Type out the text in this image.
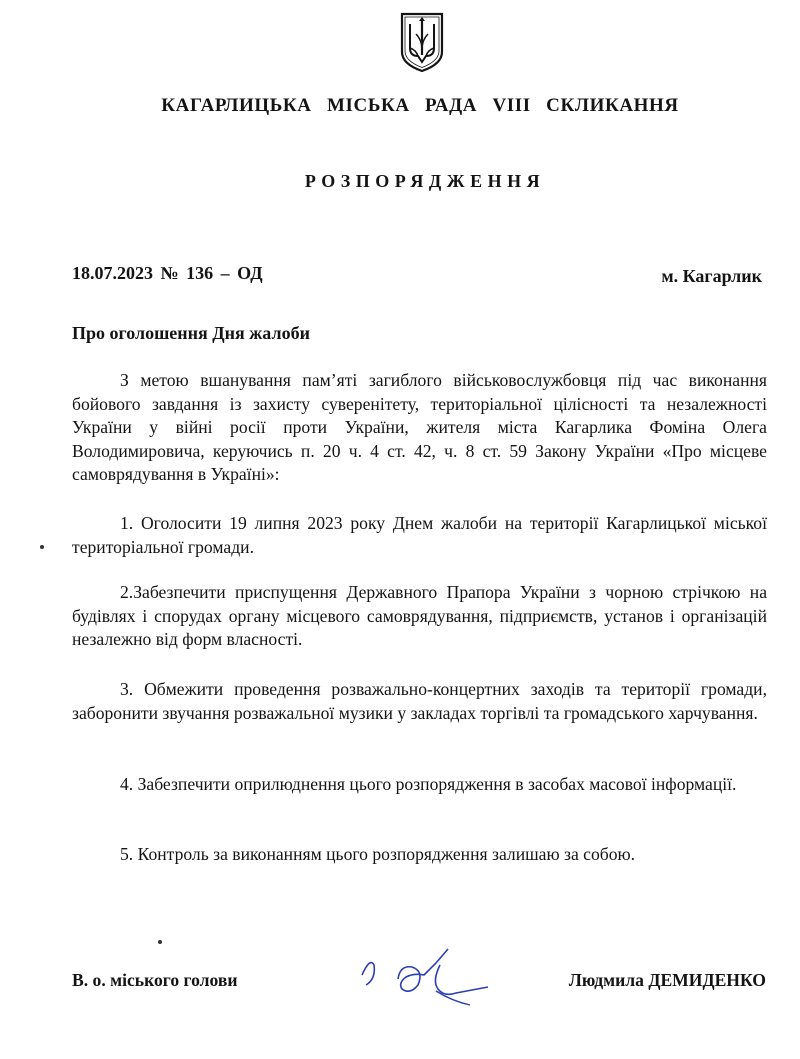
КАГАРЛИЦЬКА МІСЬКА РАДА VIII СКЛИКАННЯ
РОЗПОРЯДЖЕННЯ
18.07.2023 № 136 – ОД	м. Кагарлик
Про оголошення Дня жалоби

З метою вшанування пам’яті загиблого військовослужбовця під час виконання бойового завдання із захисту суверенітету, територіальної цілісності та незалежності України у війні росії проти України, жителя міста Кагарлика Фоміна Олега Володимировича, керуючись п. 20 ч. 4 ст. 42, ч. 8 ст. 59 Закону України «Про місцеве самоврядування в Україні»:

1. Оголосити 19 липня 2023 року Днем жалоби на території Кагарлицької міської територіальної громади.

2.Забезпечити приспущення Державного Прапора України з чорною стрічкою на будівлях і спорудах органу місцевого самоврядування, підприємств, установ і організацій незалежно від форм власності.

3. Обмежити проведення розважально-концертних заходів та території громади, заборонити звучання розважальної музики у закладах торгівлі та громадського харчування.

4. Забезпечити оприлюднення цього розпорядження в засобах масової інформації.

5. Контроль за виконанням цього розпорядження залишаю за собою.

В. о. міського голови	Людмила ДЕМИДЕНКО
